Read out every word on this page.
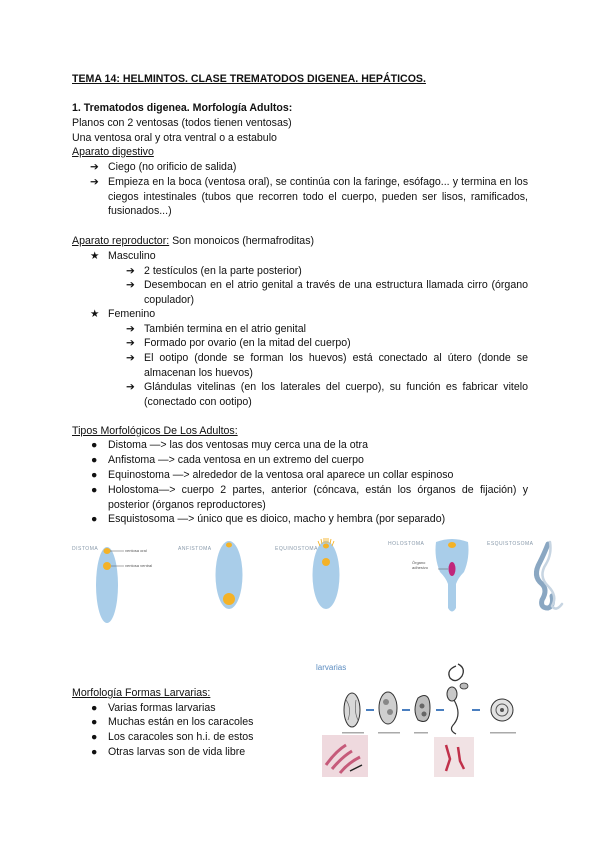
TEMA 14: HELMINTOS. CLASE TREMATODOS DIGENEA. HEPÁTICOS.
1. Trematodos digenea. Morfología Adultos:
Planos con 2 ventosas (todos tienen ventosas)
Una ventosa oral y otra ventral o a estabulo
Aparato digestivo
➔ Ciego (no orificio de salida)
➔ Empieza en la boca (ventosa oral), se continúa con la faringe, esófago... y termina en los ciegos intestinales (tubos que recorren todo el cuerpo, pueden ser lisos, ramificados, fusionados...)
Aparato reproductor: Son monoicos (hermafroditas)
★ Masculino
➔ 2 testículos (en la parte posterior)
➔ Desembocan en el atrio genital a través de una estructura llamada cirro (órgano copulador)
★ Femenino
➔ También termina en el atrio genital
➔ Formado por ovario (en la mitad del cuerpo)
➔ El ootipo (donde se forman los huevos) está conectado al útero (donde se almacenan los huevos)
➔ Glándulas vitelinas (en los laterales del cuerpo), su función es fabricar vitelo (conectado con ootipo)
Tipos Morfológicos De Los Adultos:
● Distoma —> las dos ventosas muy cerca una de la otra
● Anfistoma —> cada ventosa en un extremo del cuerpo
● Equinostoma —> alrededor de la ventosa oral aparece un collar espinoso
● Holostoma—> cuerpo 2 partes, anterior (cóncava, están los órganos de fijación) y posterior (órganos reproductores)
● Esquistosoma —> único que es dioico, macho y hembra (por separado)
DISTOMA	ventosa oral
ventosa ventral
ANFISTOMA	EQUINOSTOMA
HOLOSTOMA
Órgano adhesivo
ESQUISTOSOMA
Morfología Formas Larvarias:
● Varias formas larvarias
● Muchas están en los caracoles
● Los caracoles son h.i. de estos
● Otras larvas son de vida libre
larvarias
